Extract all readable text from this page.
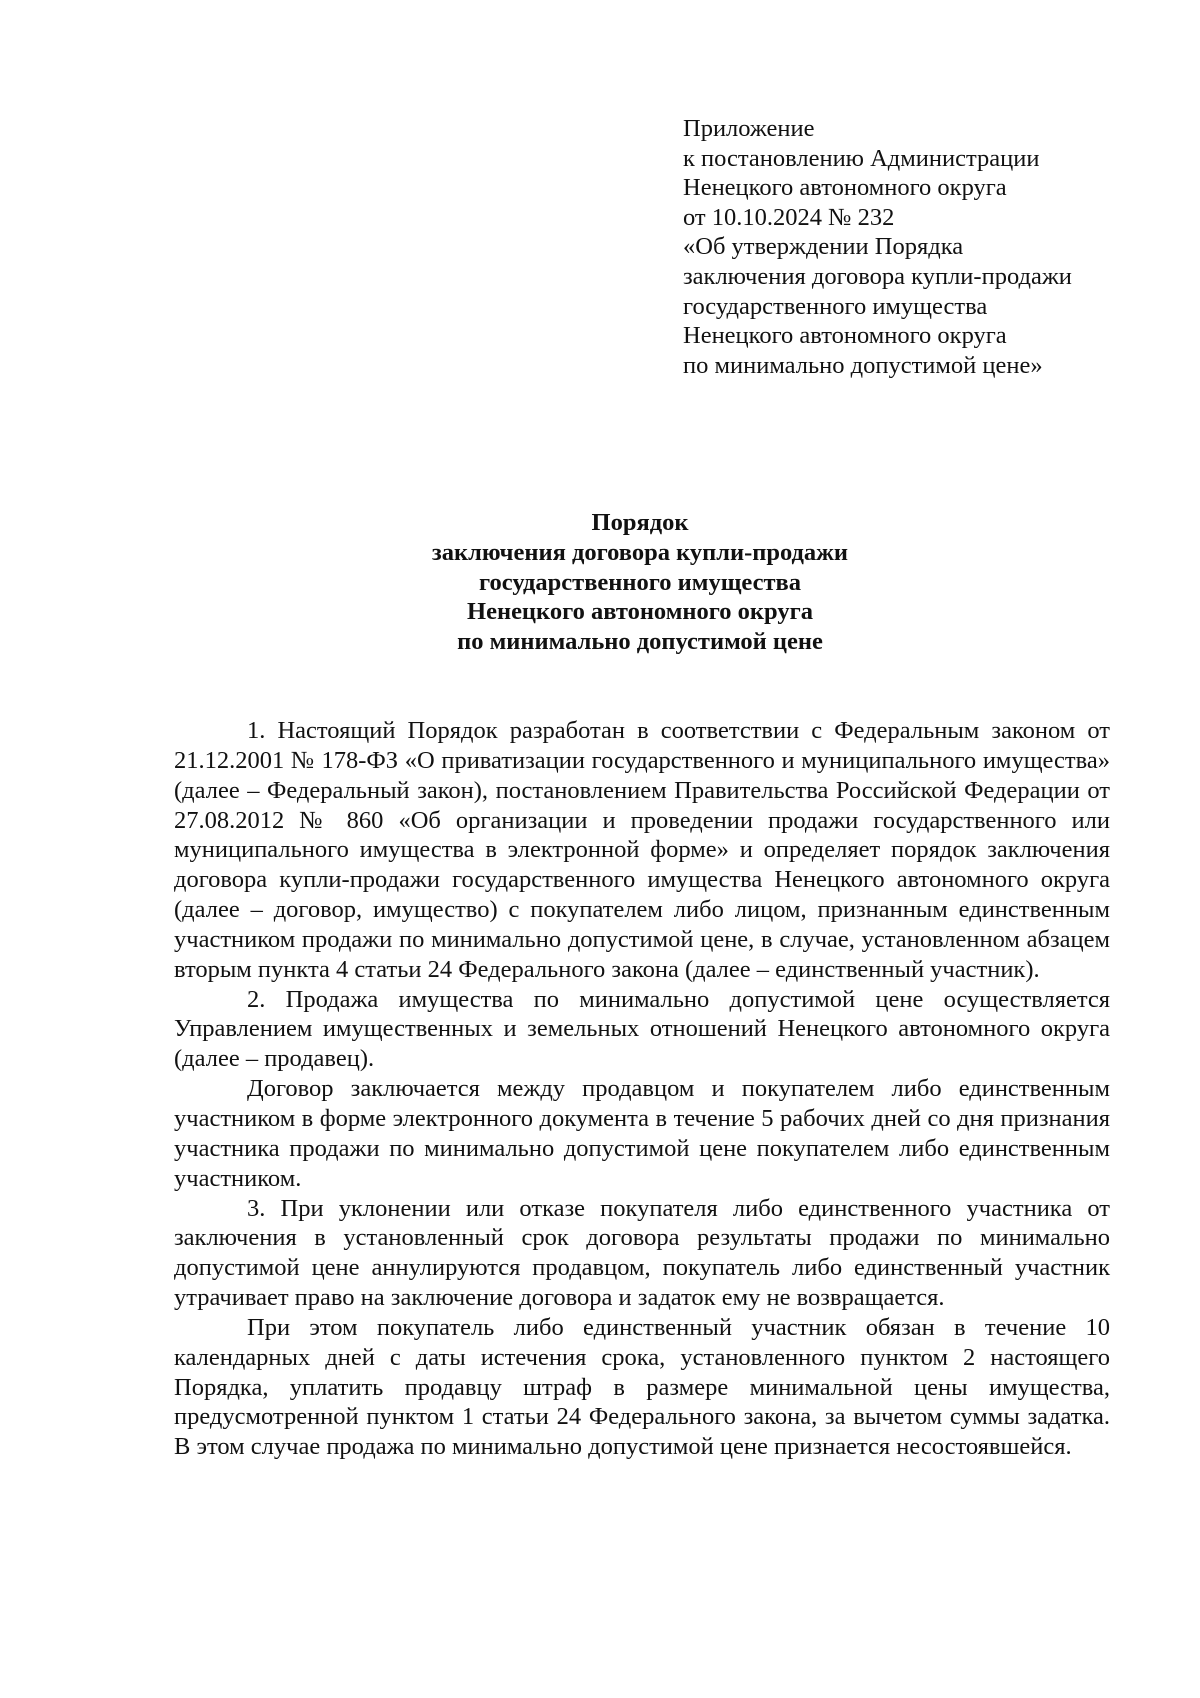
Приложение
к постановлению Администрации
Ненецкого автономного округа
от 10.10.2024 № 232
«Об утверждении Порядка
заключения договора купли-продажи
государственного имущества
Ненецкого автономного округа
по минимально допустимой цене»
Порядок
заключения договора купли-продажи
государственного имущества
Ненецкого автономного округа
по минимально допустимой цене

1. Настоящий Порядок разработан в соответствии с Федеральным законом от 21.12.2001 № 178-ФЗ «О приватизации государственного и муниципального имущества» (далее – Федеральный закон), постановлением Правительства Российской Федерации от 27.08.2012 № 860 «Об организации и проведении продажи государственного или муниципального имущества в электронной форме» и определяет порядок заключения договора купли-продажи государственного имущества Ненецкого автономного округа (далее – договор, имущество) с покупателем либо лицом, признанным единственным участником продажи по минимально допустимой цене, в случае, установленном абзацем вторым пункта 4 статьи 24 Федерального закона (далее – единственный участник).

2. Продажа имущества по минимально допустимой цене осуществляется Управлением имущественных и земельных отношений Ненецкого автономного округа (далее – продавец).

Договор заключается между продавцом и покупателем либо единственным участником в форме электронного документа в течение 5 рабочих дней со дня признания участника продажи по минимально допустимой цене покупателем либо единственным участником.

3. При уклонении или отказе покупателя либо единственного участника от заключения в установленный срок договора результаты продажи по минимально допустимой цене аннулируются продавцом, покупатель либо единственный участник утрачивает право на заключение договора и задаток ему не возвращается.

При этом покупатель либо единственный участник обязан в течение 10 календарных дней с даты истечения срока, установленного пунктом 2 настоящего Порядка, уплатить продавцу штраф в размере минимальной цены имущества, предусмотренной пунктом 1 статьи 24 Федерального закона, за вычетом суммы задатка. В этом случае продажа по минимально допустимой цене признается несостоявшейся.
